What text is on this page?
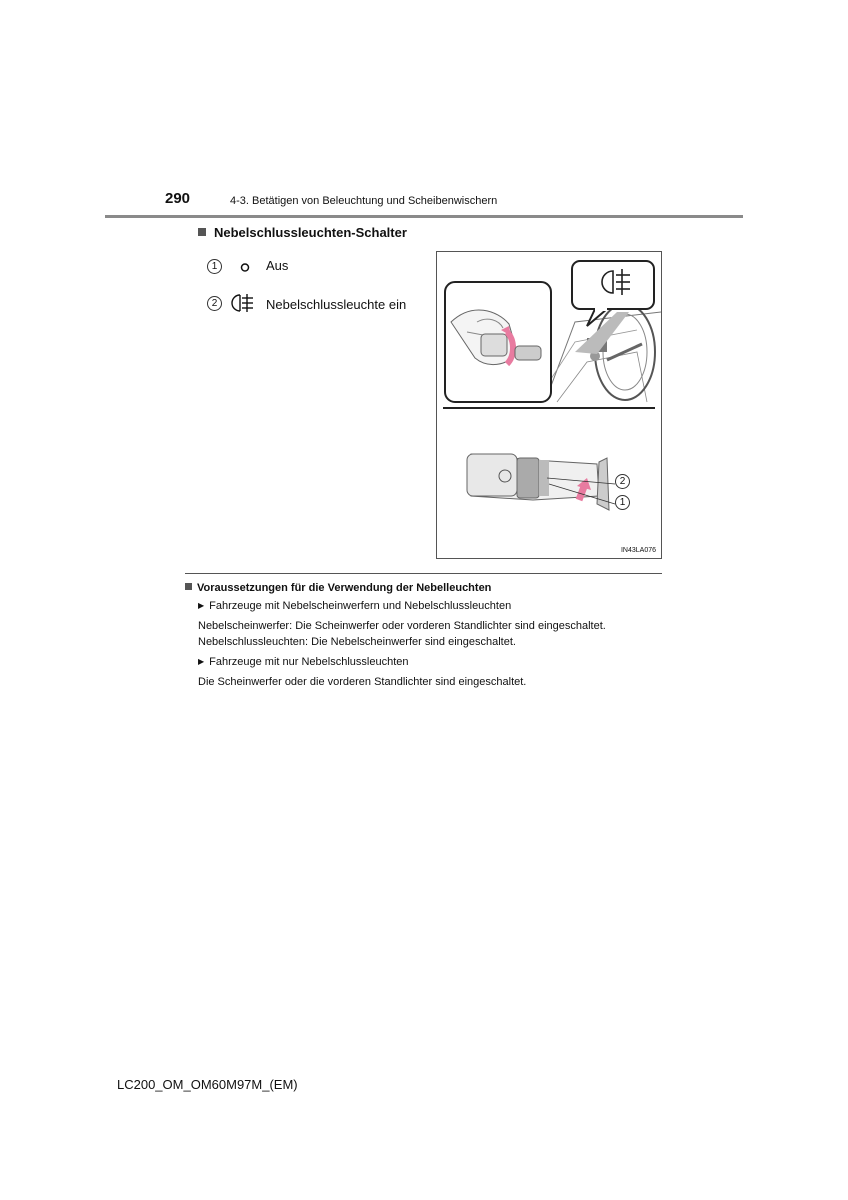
290	4-3. Betätigen von Beleuchtung und Scheibenwischern
Nebelschlussleuchten-Schalter
1	Aus
2	Nebelschlussleuchte ein
2
1
IN43LA076
Voraussetzungen für die Verwendung der Nebelleuchten
▶ Fahrzeuge mit Nebelscheinwerfern und Nebelschlussleuchten
Nebelscheinwerfer: Die Scheinwerfer oder vorderen Standlichter sind eingeschaltet.
Nebelschlussleuchten: Die Nebelscheinwerfer sind eingeschaltet.
▶ Fahrzeuge mit nur Nebelschlussleuchten
Die Scheinwerfer oder die vorderen Standlichter sind eingeschaltet.
LC200_OM_OM60M97M_(EM)
